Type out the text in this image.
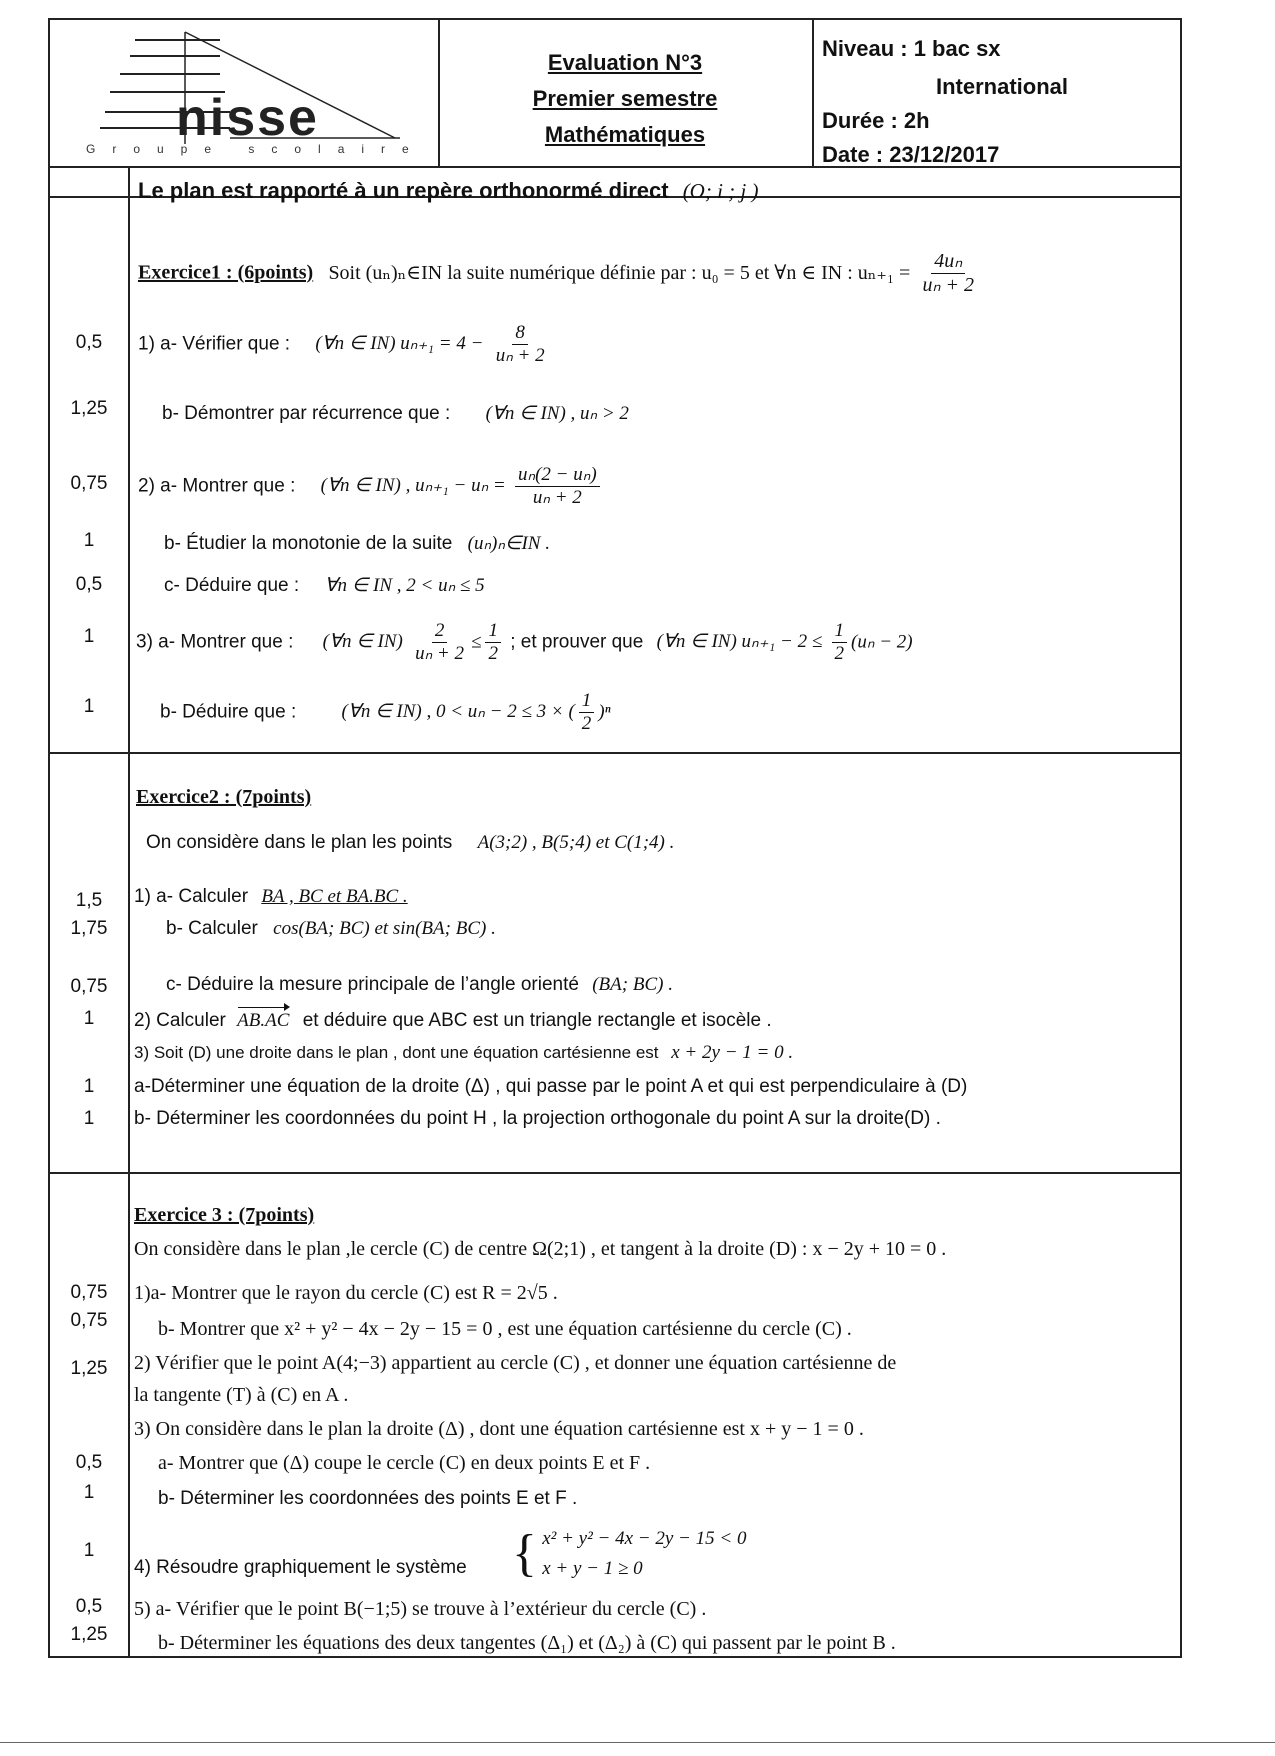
nisse
Groupe scolaire
Evaluation N°3
Premier semestre
Mathématiques
Niveau : 1 bac sx
International
Durée : 2h
Date : 23/12/2017
Le plan est rapporté à un repère orthonormé direct (O; i ; j )
0,5
1,25
0,75
1
0,5
1
1
Exercice1 : (6points) Soit (uₙ)ₙ∈IN la suite numérique définie par : u₀ = 5 et ∀n ∈ IN : $u_{n+1} = \frac{\text{4uₙ}}{\text{uₙ + 2}}$
1) a- Vérifier que : (∀n ∈ IN) $u_{n+1} = 4 - \frac{8}{\text{uₙ + 2}}$
b- Démontrer par récurrence que : (∀n ∈ IN) , uₙ > 2
2) a- Montrer que : (∀n ∈ IN) , $u_{n+1} - u_n = \frac{\text{uₙ(2 − uₙ)}}{\text{uₙ + 2}}$
b- Étudier la monotonie de la suite (uₙ)ₙ∈IN .
c- Déduire que : ∀n ∈ IN , 2 < uₙ ≤ 5
3) a- Montrer que : (∀n ∈ $IN) \frac{2}{\text{uₙ + 2}} \le \frac{1}{2}$ ; et prouver que (∀n ∈ IN) $u_{n+1} - 2 \le \frac{1}{2} (u_n - 2)$
b- Déduire que : (∀n ∈ IN) , 0 < uₙ − 2 ≤ 3 × ( $\frac{1}{2} )^n$
1,5
1,75
0,75
1
1
1
Exercice2 : (7points)
On considère dans le plan les points A(3;2) , B(5;4) et C(1;4) .
1) a- Calculer BA , BC et BA.BC .
b- Calculer cos(BA; BC) et sin(BA; BC) .
c- Déduire la mesure principale de l’angle orienté (BA; BC) .
2) Calculer AB.AC et déduire que ABC est un triangle rectangle et isocèle .
3) Soit (D) une droite dans le plan , dont une équation cartésienne est x + 2y − 1 = 0 .
a-Déterminer une équation de la droite (Δ) , qui passe par le point A et qui est perpendiculaire à (D)
b- Déterminer les coordonnées du point H , la projection orthogonale du point A sur la droite(D) .
0,75
0,75
1,25
0,5
1
1
0,5
1,25
Exercice 3 : (7points)
On considère dans le plan ,le cercle (C) de centre Ω(2;1) , et tangent à la droite (D) : x − 2y + 10 = 0 .
1)a- Montrer que le rayon du cercle (C) est R = 2√5 .
b- Montrer que x² + y² − 4x − 2y − 15 = 0 , est une équation cartésienne du cercle (C) .
2) Vérifier que le point A(4;−3) appartient au cercle (C) , et donner une équation cartésienne de
la tangente (T) à (C) en A .
3) On considère dans le plan la droite (Δ) , dont une équation cartésienne est x + y − 1 = 0 .
a- Montrer que (Δ) coupe le cercle (C) en deux points E et F .
b- Déterminer les coordonnées des points E et F .
4) Résoudre graphiquement le système { x² + y² − 4x − 2y − 15 < 0
x + y − 1 ≥ 0
5) a- Vérifier que le point B(−1;5) se trouve à l’extérieur du cercle (C) .
b- Déterminer les équations des deux tangentes (Δ₁) et (Δ₂) à (C) qui passent par le point B .
